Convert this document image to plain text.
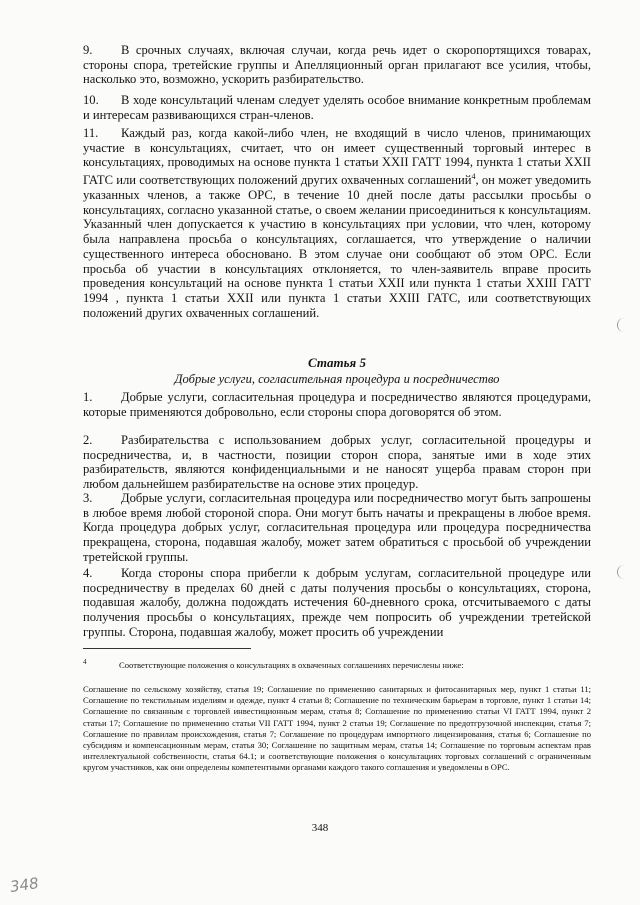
9. В срочных случаях, включая случаи, когда речь идет о скоропортящихся товарах, стороны спора, третейские группы и Апелляционный орган прилагают все усилия, чтобы, насколько это, возможно, ускорить разбирательство.
10. В ходе консультаций членам следует уделять особое внимание конкретным проблемам и интересам развивающихся стран-членов.
11. Каждый раз, когда какой-либо член, не входящий в число членов, принимающих участие в консультациях, считает, что он имеет существенный торговый интерес в консультациях, проводимых на основе пункта 1 статьи XXII ГАТТ 1994, пункта 1 статьи XXII ГАТС или соответствующих положений других охваченных соглашений$^4$, он может уведомить указанных членов, а также ОРС, в течение 10 дней после даты рассылки просьбы о консультациях, согласно указанной статье, о своем желании присоединиться к консультациям. Указанный член допускается к участию в консультациях при условии, что член, которому была направлена просьба о консультациях, соглашается, что утверждение о наличии существенного интереса обосновано. В этом случае они сообщают об этом ОРС. Если просьба об участии в консультациях отклоняется, то член-заявитель вправе просить проведения консультаций на основе пункта 1 статьи XXII или пункта 1 статьи XXIII ГАТТ 1994 , пункта 1 статьи XXII или пункта 1 статьи XXIII ГАТС, или соответствующих положений других охваченных соглашений.
Статья 5
Добрые услуги, согласительная процедура и посредничество
1. Добрые услуги, согласительная процедура и посредничество являются процедурами, которые применяются добровольно, если стороны спора договорятся об этом.
2. Разбирательства с использованием добрых услуг, согласительной процедуры и посредничества, и, в частности, позиции сторон спора, занятые ими в ходе этих разбирательств, являются конфиденциальными и не наносят ущерба правам сторон при любом дальнейшем разбирательстве на основе этих процедур.
3. Добрые услуги, согласительная процедура или посредничество могут быть запрошены в любое время любой стороной спора. Они могут быть начаты и прекращены в любое время. Когда процедура добрых услуг, согласительная процедура или процедура посредничества прекращена, сторона, подавшая жалобу, может затем обратиться с просьбой об учреждении третейской группы.
4. Когда стороны спора прибегли к добрым услугам, согласительной процедуре или посредничеству в пределах 60 дней с даты получения просьбы о консультациях, сторона, подавшая жалобу, должна подождать истечения 60-дневного срока, отсчитываемого с даты получения просьбы о консультациях, прежде чем попросить об учреждении третейской группы. Сторона, подавшая жалобу, может просить об учреждении
$^4$	Соответствующие положения о консультациях в охваченных соглашениях перечислены ниже:
Соглашение по сельскому хозяйству, статья 19; Соглашение по применению санитарных и фитосанитарных мер, пункт 1 статьи 11; Соглашение по текстильным изделиям и одежде, пункт 4 статьи 8; Соглашение по техническим барьерам в торговле, пункт 1 статьи 14; Соглашение по связанным с торговлей инвестиционным мерам, статья 8; Соглашение по применению статьи VI ГАТТ 1994, пункт 2 статьи 17; Соглашение по применению статьи VII ГАТТ 1994, пункт 2 статьи 19; Соглашение по предотгрузочной инспекции, статья 7; Соглашение по правилам происхождения, статья 7; Соглашение по процедурам импортного лицензирования, статья 6; Соглашение по субсидиям и компенсационным мерам, статья 30; Соглашение по защитным мерам, статья 14; Соглашение по торговым аспектам прав интеллектуальной собственности, статья 64.1; и соответствующие положения о консультациях торговых соглашений с ограниченным кругом участников, как они определены компетентными органами каждого такого соглашения и уведомлены в ОРС.
348
348
